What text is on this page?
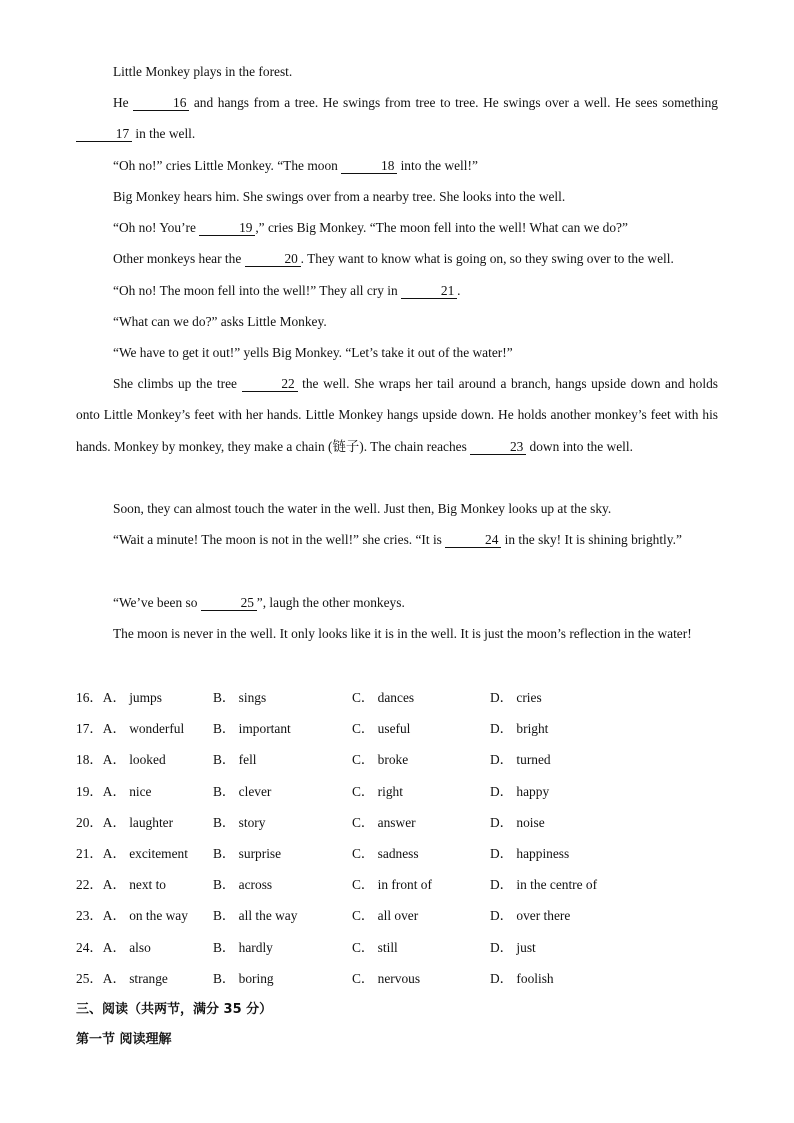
Little Monkey plays in the forest.

He	16 and hangs from a tree. He swings from tree to tree. He swings over a well. He sees something 17 in the well.

“Oh no!” cries Little Monkey. “The moon	18 into the well!”

Big Monkey hears him. She swings over from a nearby tree. She looks into the well.

“Oh no! You’re	19 ,” cries Big Monkey. “The moon fell into the well! What can we do?”

Other monkeys hear the	20 . They want to know what is going on, so they swing over to the well.

“Oh no! The moon fell into the well!” They all cry in	21 .

“What can we do?” asks Little Monkey.

“We have to get it out!” yells Big Monkey. “Let’s take it out of the water!”

She climbs up the tree	22 the well. She wraps her tail around a branch, hangs upside down and holds onto Little Monkey’s feet with her hands. Little Monkey hangs upside down. He holds another monkey’s feet with his hands. Monkey by monkey, they make a chain (链子). The chain reaches	23 down into the well.

Soon, they can almost touch the water in the well. Just then, Big Monkey looks up at the sky.

“Wait a minute! The moon is not in the well!” she cries. “It is	24 in the sky! It is shining brightly.”

“We’ve been so	25 ”, laugh the other monkeys.

The moon is never in the well. It only looks like it is in the well. It is just the moon’s reflection in the water!

16．A． jumps	B． sings	C． dances	D． cries
17．A． wonderful B． important	C． useful	D． bright
18．A． looked	B． fell	C． broke	D． turned
19．A． nice	B． clever	C． right	D． happy
20．A． laughter	B． story	C． answer	D． noise
21．A． excitement B． surprise	C． sadness	D． happiness
22．A． next to	B． across	C． in front of	D． in the centre of
23．A． on the way B． all the way	C． all over	D． over there
24．A． also	B． hardly	C． still	D． just
25．A． strange	B． boring	C． nervous	D． foolish
三、阅读（共两节，满分 35 分）
第一节 阅读理解
